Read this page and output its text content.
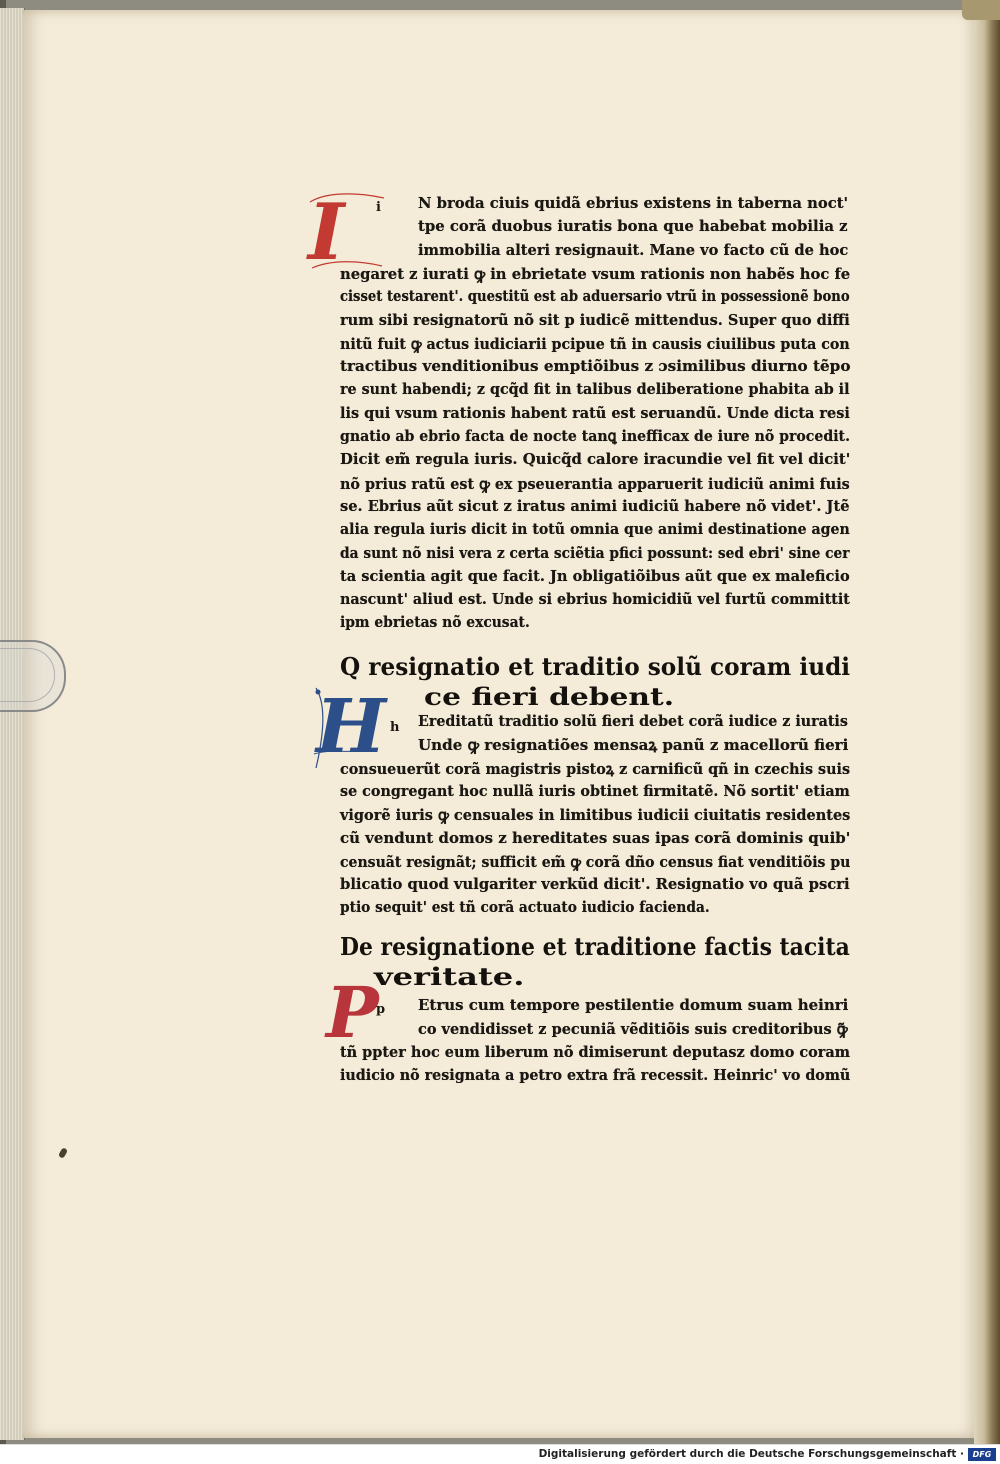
I i N broda ciuis quidã ebrius existens in taberna noct'
tpe corã duobus iuratis bona que habebat mobilia z
immobilia alteri resignauit. Mane vo facto cũ de hoc
negaret z iurati ꝙ in ebrietate vsum rationis non habẽs hoc fe
cisset testarent'. questitũ est ab aduersario vtrũ in possessionẽ bono
rum sibi resignatorũ nõ sit p iudicẽ mittendus. Super quo diffi
nitũ fuit ꝙ actus iudiciarii pcipue tñ in causis ciuilibus puta con
tractibus venditionibus emptiõibus z ɔsimilibus diurno tẽpo
re sunt habendi; z qcq̃d fit in talibus deliberatione phabita ab il
lis qui vsum rationis habent ratũ est seruandũ. Unde dicta resi
gnatio ab ebrio facta de nocte tanꝗ inefficax de iure nõ procedit.
Dicit em̃ regula iuris. Quicq̃d calore iracundie vel fit vel dicit'
nõ prius ratũ est ꝙ ex pseuerantia apparuerit iudiciũ animi fuis
se. Ebrius aũt sicut z iratus animi iudiciũ habere nõ videt'. Jtẽ
alia regula iuris dicit in totũ omnia que animi destinatione agen
da sunt nõ nisi vera z certa sciẽtia pfici possunt: sed ebri' sine cer
ta scientia agit que facit. Jn obligatiõibus aũt que ex maleficio
nascunt' aliud est. Unde si ebrius homicidiũ vel furtũ committit
ipm ebrietas nõ excusat.
Q resignatio et traditio solũ coram iudi
ce fieri debent.
H h Ereditatũ traditio solũ fieri debet corã iudice z iuratis
Unde ꝙ resignatiões mensaꝝ panũ z macellorũ fieri
consueuerũt corã magistris pistoꝝ z carnificũ qñ in czechis suis
se congregant hoc nullã iuris obtinet firmitatẽ. Nõ sortit' etiam
vigorẽ iuris ꝙ censuales in limitibus iudicii ciuitatis residentes
cũ vendunt domos z hereditates suas ipas corã dominis quib'
censuãt resignãt; sufficit em̃ ꝙ corã dño census fiat venditiõis pu
blicatio quod vulgariter verkũd dicit'. Resignatio vo quã pscri
ptio sequit' est tñ corã actuato iudicio facienda.
De resignatione et traditione factis tacita
veritate.
P
p Etrus cum tempore pestilentie domum suam heinri
co vendidisset z pecuniã vẽditiõis suis creditoribus ꝙ̃
tñ ppter hoc eum liberum nõ dimiserunt deputasz domo coram
iudicio nõ resignata a petro extra frã recessit. Heinric' vo domũ
Digitalisierung gefördert durch die Deutsche Forschungsgemeinschaft ·	DFG
